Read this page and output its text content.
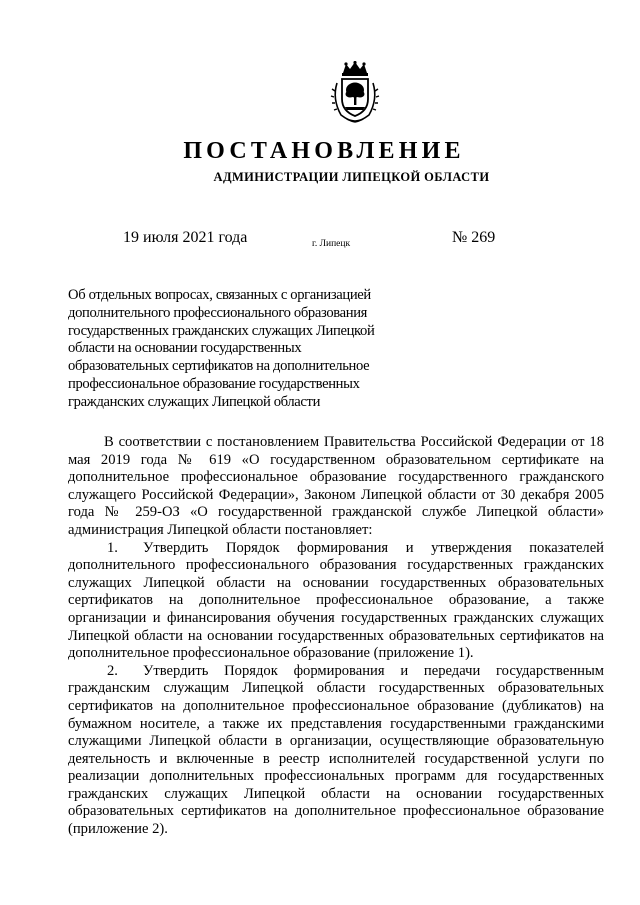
ПОСТАНОВЛЕНИЕ
АДМИНИСТРАЦИИ ЛИПЕЦКОЙ ОБЛАСТИ
19 июля 2021 года	г. Липецк	№ 269
Об отдельных вопросах, связанных с организацией
дополнительного профессионального образования
государственных гражданских служащих Липецкой
области на основании государственных
образовательных сертификатов на дополнительное
профессиональное образование государственных
гражданских служащих Липецкой области

В соответствии с постановлением Правительства Российской Федерации от 18 мая 2019 года № 619 «О государственном образовательном сертификате на дополнительное профессиональное образование государственного гражданского служащего Российской Федерации», Законом Липецкой области от 30 декабря 2005 года № 259-ОЗ «О государственной гражданской службе Липецкой области» администрация Липецкой области постановляет:

1. Утвердить Порядок формирования и утверждения показателей дополнительного профессионального образования государственных гражданских служащих Липецкой области на основании государственных образовательных сертификатов на дополнительное профессиональное образование, а также организации и финансирования обучения государственных гражданских служащих Липецкой области на основании государственных образовательных сертификатов на дополнительное профессиональное образование (приложение 1).

2. Утвердить Порядок формирования и передачи государственным гражданским служащим Липецкой области государственных образовательных сертификатов на дополнительное профессиональное образование (дубликатов) на бумажном носителе, а также их представления государственными гражданскими служащими Липецкой области в организации, осуществляющие образовательную деятельность и включенные в реестр исполнителей государственной услуги по реализации дополнительных профессиональных программ для государственных гражданских служащих Липецкой области на основании государственных образовательных сертификатов на дополнительное профессиональное образование (приложение 2).
